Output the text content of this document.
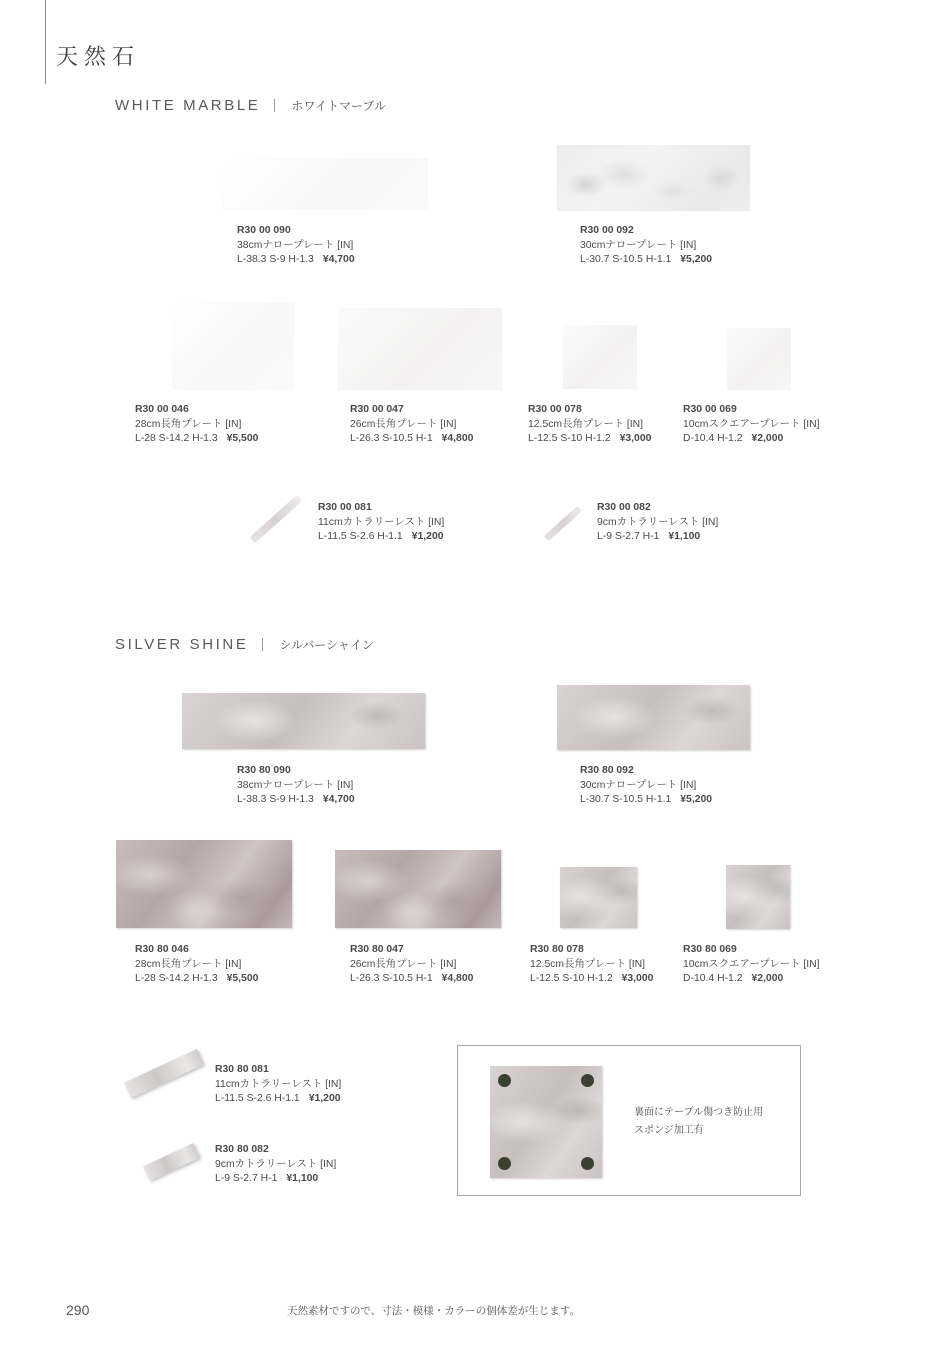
天然石
WHITE MARBLE	ホワイトマーブル
R30 00 090
38cmナロープレート [IN]
L-38.3 S-9 H-1.3 ¥4,700
R30 00 092
30cmナロープレート [IN]
L-30.7 S-10.5 H-1.1 ¥5,200
R30 00 046
28cm長角プレート [IN]
L-28 S-14.2 H-1.3 ¥5,500
R30 00 047
26cm長角プレート [IN]
L-26.3 S-10.5 H-1 ¥4,800
R30 00 078
12.5cm長角プレート [IN]
L-12.5 S-10 H-1.2 ¥3,000
R30 00 069
10cmスクエアープレート [IN]
D-10.4 H-1.2 ¥2,000
R30 00 081
11cmカトラリーレスト [IN]
L-11.5 S-2.6 H-1.1 ¥1,200
R30 00 082
9cmカトラリーレスト [IN]
L-9 S-2.7 H-1 ¥1,100
SILVER SHINE	シルバーシャイン
R30 80 090
38cmナロープレート [IN]
L-38.3 S-9 H-1.3 ¥4,700
R30 80 092
30cmナロープレート [IN]
L-30.7 S-10.5 H-1.1 ¥5,200
R30 80 046
28cm長角プレート [IN]
L-28 S-14.2 H-1.3 ¥5,500
R30 80 047
26cm長角プレート [IN]
L-26.3 S-10.5 H-1 ¥4,800
R30 80 078
12.5cm長角プレート [IN]
L-12.5 S-10 H-1.2 ¥3,000
R30 80 069
10cmスクエアープレート [IN]
D-10.4 H-1.2 ¥2,000
R30 80 081
11cmカトラリーレスト [IN]
L-11.5 S-2.6 H-1.1 ¥1,200
R30 80 082
9cmカトラリーレスト [IN]
L-9 S-2.7 H-1 ¥1,100
裏面にテーブル傷つき防止用
スポンジ加工有
290	天然素材ですので、寸法・模様・カラーの個体差が生じます。
